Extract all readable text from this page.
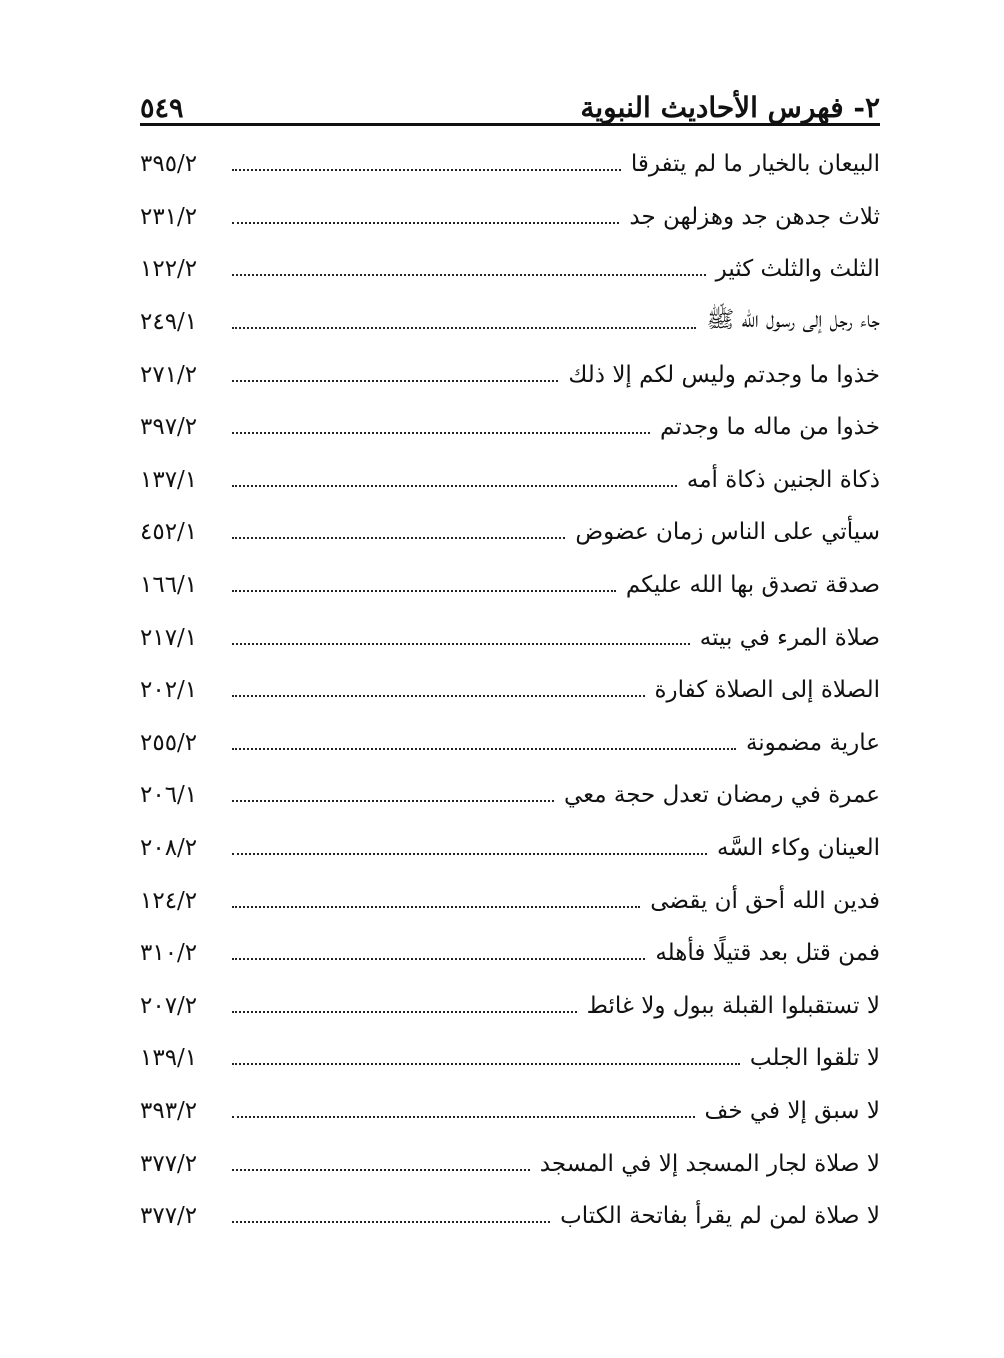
٢- فهرس الأحاديث النبوية
٥٤٩
البيعان بالخيار ما لم يتفرقا
٣٩٥/٢
ثلاث جدهن جد وهزلهن جد
٢٣١/٢
الثلث والثلث كثير
١٢٢/٢
جاء رجل إلى رسول الله ﷺ
٢٤٩/١
خذوا ما وجدتم وليس لكم إلا ذلك
٢٧١/٢
خذوا من ماله ما وجدتم
٣٩٧/٢
ذكاة الجنين ذكاة أمه
١٣٧/١
سيأتي على الناس زمان عضوض
٤٥٢/١
صدقة تصدق بها الله عليكم
١٦٦/١
صلاة المرء في بيته
٢١٧/١
الصلاة إلى الصلاة كفارة
٢٠٢/١
عارية مضمونة
٢٥٥/٢
عمرة في رمضان تعدل حجة معي
٢٠٦/١
العينان وكاء السَّه
٢٠٨/٢
فدين الله أحق أن يقضى
١٢٤/٢
فمن قتل بعد قتيلًا فأهله
٣١٠/٢
لا تستقبلوا القبلة ببول ولا غائط
٢٠٧/٢
لا تلقوا الجلب
١٣٩/١
لا سبق إلا في خف
٣٩٣/٢
لا صلاة لجار المسجد إلا في المسجد
٣٧٧/٢
لا صلاة لمن لم يقرأ بفاتحة الكتاب
٣٧٧/٢
